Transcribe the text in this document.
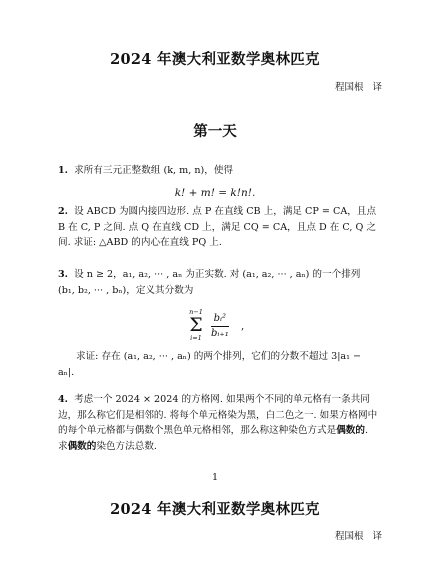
2024 年澳大利亚数学奥林匹克
程国根 译
第一天
1. 求所有三元正整数组 (k, m, n)，使得
k! + m! = k!n!.
2. 设 ABCD 为圆内接四边形. 点 P 在直线 CB 上，满足 CP = CA，且点 B 在 C, P 之间. 点 Q 在直线 CD 上，满足 CQ = CA，且点 D 在 C, Q 之间. 求证: △ABD 的内心在直线 PQ 上.
3. 设 n ≥ 2，a₁, a₂, ··· , aₙ 为正实数. 对 (a₁, a₂, ··· , aₙ) 的一个排列 (b₁, b₂, ··· , bₙ)，定义其分数为
n−1
Σ
$i=1 \frac{\text{bᵢ²}}{\text{bᵢ₊₁}}$ ,
求证: 存在 (a₁, a₂, ··· , aₙ) 的两个排列，它们的分数不超过 3|a₁ − aₙ|.
4. 考虑一个 2024 × 2024 的方格网. 如果两个不同的单元格有一条共同边，那么称它们是相邻的. 将每个单元格染为黑，白二色之一. 如果方格网中的每个单元格都与偶数个黑色单元格相邻，那么称这种染色方式是偶数的. 求偶数的染色方法总数.
1
2024 年澳大利亚数学奥林匹克
程国根 译
